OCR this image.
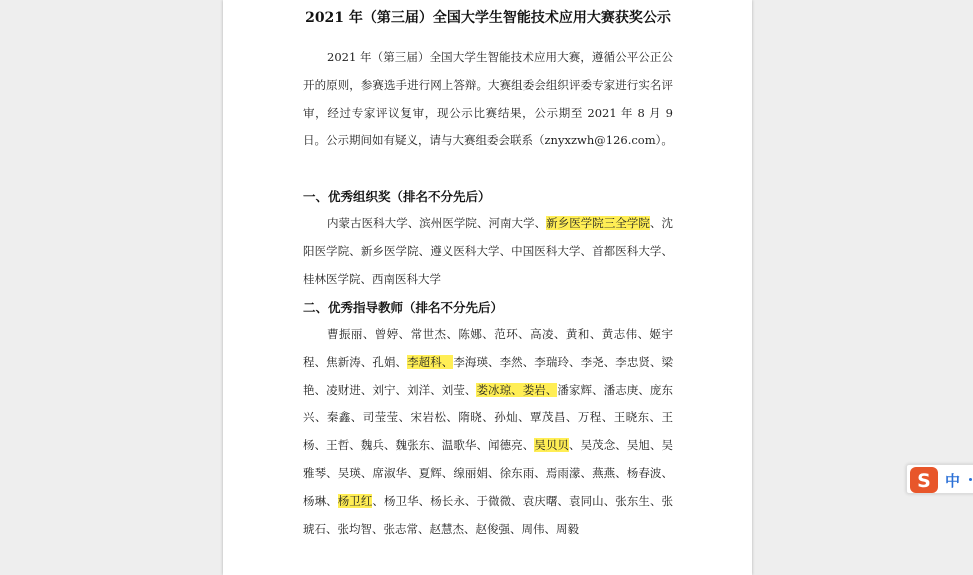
2021 年（第三届）全国大学生智能技术应用大赛获奖公示

2021 年（第三届）全国大学生智能技术应用大赛，遵循公平公正公开的原则，参赛选手进行网上答辩。大赛组委会组织评委专家进行实名评审，经过专家评议复审，现公示比赛结果，公示期至 2021 年 8 月 9 日。公示期间如有疑义，请与大赛组委会联系（znyxzwh@126.com）。

一、优秀组织奖（排名不分先后）

内蒙古医科大学、滨州医学院、河南大学、新乡医学院三全学院、沈阳医学院、新乡医学院、遵义医科大学、中国医科大学、首都医科大学、桂林医学院、西南医科大学

二、优秀指导教师（排名不分先后）

曹振丽、曾婷、常世杰、陈娜、范环、高凌、黄和、黄志伟、姬宇程、焦新涛、孔娟、李超科、李海瑛、李然、李瑞玲、李尧、李忠贤、梁艳、凌财进、刘宁、刘洋、刘莹、娄冰琼、娄岩、潘家辉、潘志庚、庞东兴、秦鑫、司莹莹、宋岩松、隋晓、孙灿、覃茂昌、万程、王晓东、王杨、王哲、魏兵、魏张东、温歌华、闻德亮、吴贝贝、吴茂念、吴旭、吴雅琴、吴瑛、席淑华、夏辉、缐丽娟、徐东雨、焉雨濛、燕燕、杨春波、杨琳、杨卫红、杨卫华、杨长永、于微微、袁庆曙、袁同山、张东生、张琥石、张均智、张志常、赵慧杰、赵俊强、周伟、周毅

S 中
